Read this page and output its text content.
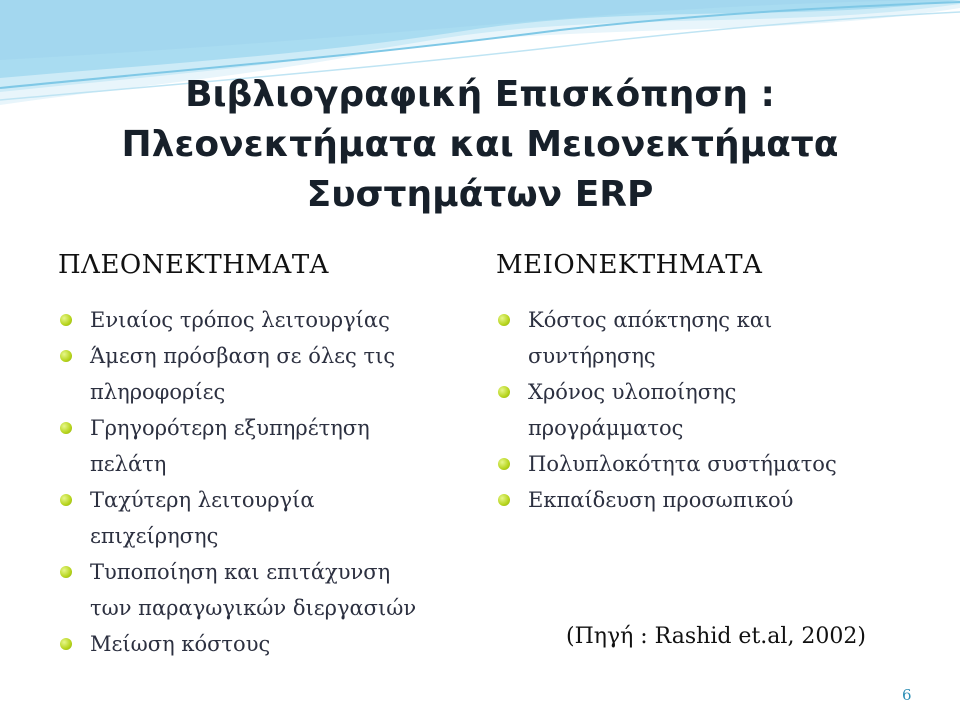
Βιβλιογραφική Επισκόπηση :
Πλεονεκτήματα και Μειονεκτήματα
Συστημάτων ERP
ΠΛΕΟΝΕΚΤΗΜΑΤΑ	ΜΕΙΟΝΕΚΤΗΜΑΤΑ
Ενιαίος τρόπος λειτουργίας
Άμεση πρόσβαση σε όλες τις
πληροφορίες
Γρηγορότερη εξυπηρέτηση
πελάτη
Ταχύτερη λειτουργία
επιχείρησης
Τυποποίηση και επιτάχυνση
των παραγωγικών διεργασιών
Μείωση κόστους
Κόστος απόκτησης και
συντήρησης
Χρόνος υλοποίησης
προγράμματος
Πολυπλοκότητα συστήματος
Εκπαίδευση προσωπικού
(Πηγή : Rashid et.al, 2002)
6
